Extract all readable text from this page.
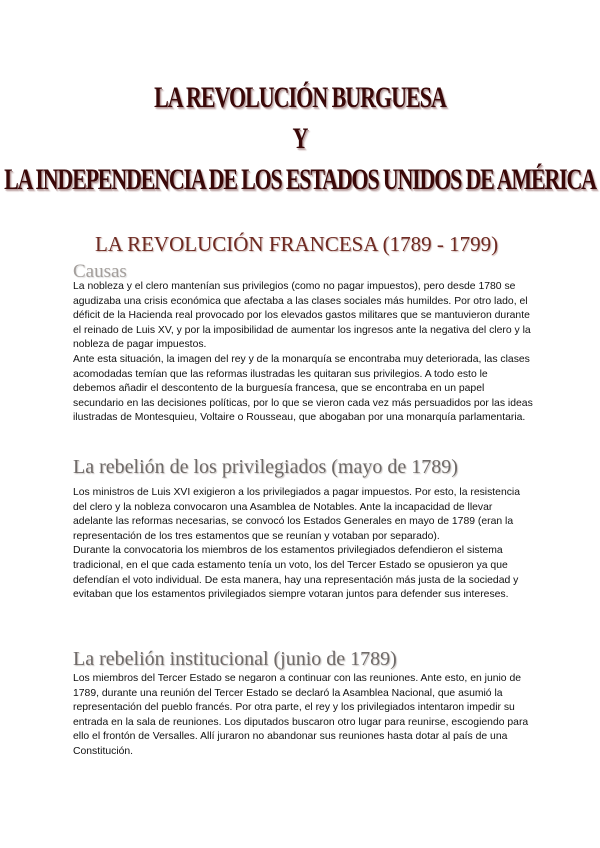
LA REVOLUCIÓN BURGUESA
Y
LA INDEPENDENCIA DE LOS ESTADOS UNIDOS DE AMÉRICA
LA REVOLUCIÓN FRANCESA (1789 - 1799)
Causas

La nobleza y el clero mantenían sus privilegios (como no pagar impuestos), pero desde 1780 se agudizaba una crisis económica que afectaba a las clases sociales más humildes. Por otro lado, el déficit de la Hacienda real provocado por los elevados gastos militares que se mantuvieron durante el reinado de Luis XV, y por la imposibilidad de aumentar los ingresos ante la negativa del clero y la nobleza de pagar impuestos.

Ante esta situación, la imagen del rey y de la monarquía se encontraba muy deteriorada, las clases acomodadas temían que las reformas ilustradas les quitaran sus privilegios. A todo esto le debemos añadir el descontento de la burguesía francesa, que se encontraba en un papel secundario en las decisiones políticas, por lo que se vieron cada vez más persuadidos por las ideas ilustradas de Montesquieu, Voltaire o Rousseau, que abogaban por una monarquía parlamentaria.

La rebelión de los privilegiados (mayo de 1789)

Los ministros de Luis XVI exigieron a los privilegiados a pagar impuestos. Por esto, la resistencia del clero y la nobleza convocaron una Asamblea de Notables. Ante la incapacidad de llevar adelante las reformas necesarias, se convocó los Estados Generales en mayo de 1789 (eran la representación de los tres estamentos que se reunían y votaban por separado).

Durante la convocatoria los miembros de los estamentos privilegiados defendieron el sistema tradicional, en el que cada estamento tenía un voto, los del Tercer Estado se opusieron ya que defendían el voto individual. De esta manera, hay una representación más justa de la sociedad y evitaban que los estamentos privilegiados siempre votaran juntos para defender sus intereses.

La rebelión institucional (junio de 1789)

Los miembros del Tercer Estado se negaron a continuar con las reuniones. Ante esto, en junio de 1789, durante una reunión del Tercer Estado se declaró la Asamblea Nacional, que asumió la representación del pueblo francés. Por otra parte, el rey y los privilegiados intentaron impedir su entrada en la sala de reuniones. Los diputados buscaron otro lugar para reunirse, escogiendo para ello el frontón de Versalles. Allí juraron no abandonar sus reuniones hasta dotar al país de una Constitución.
